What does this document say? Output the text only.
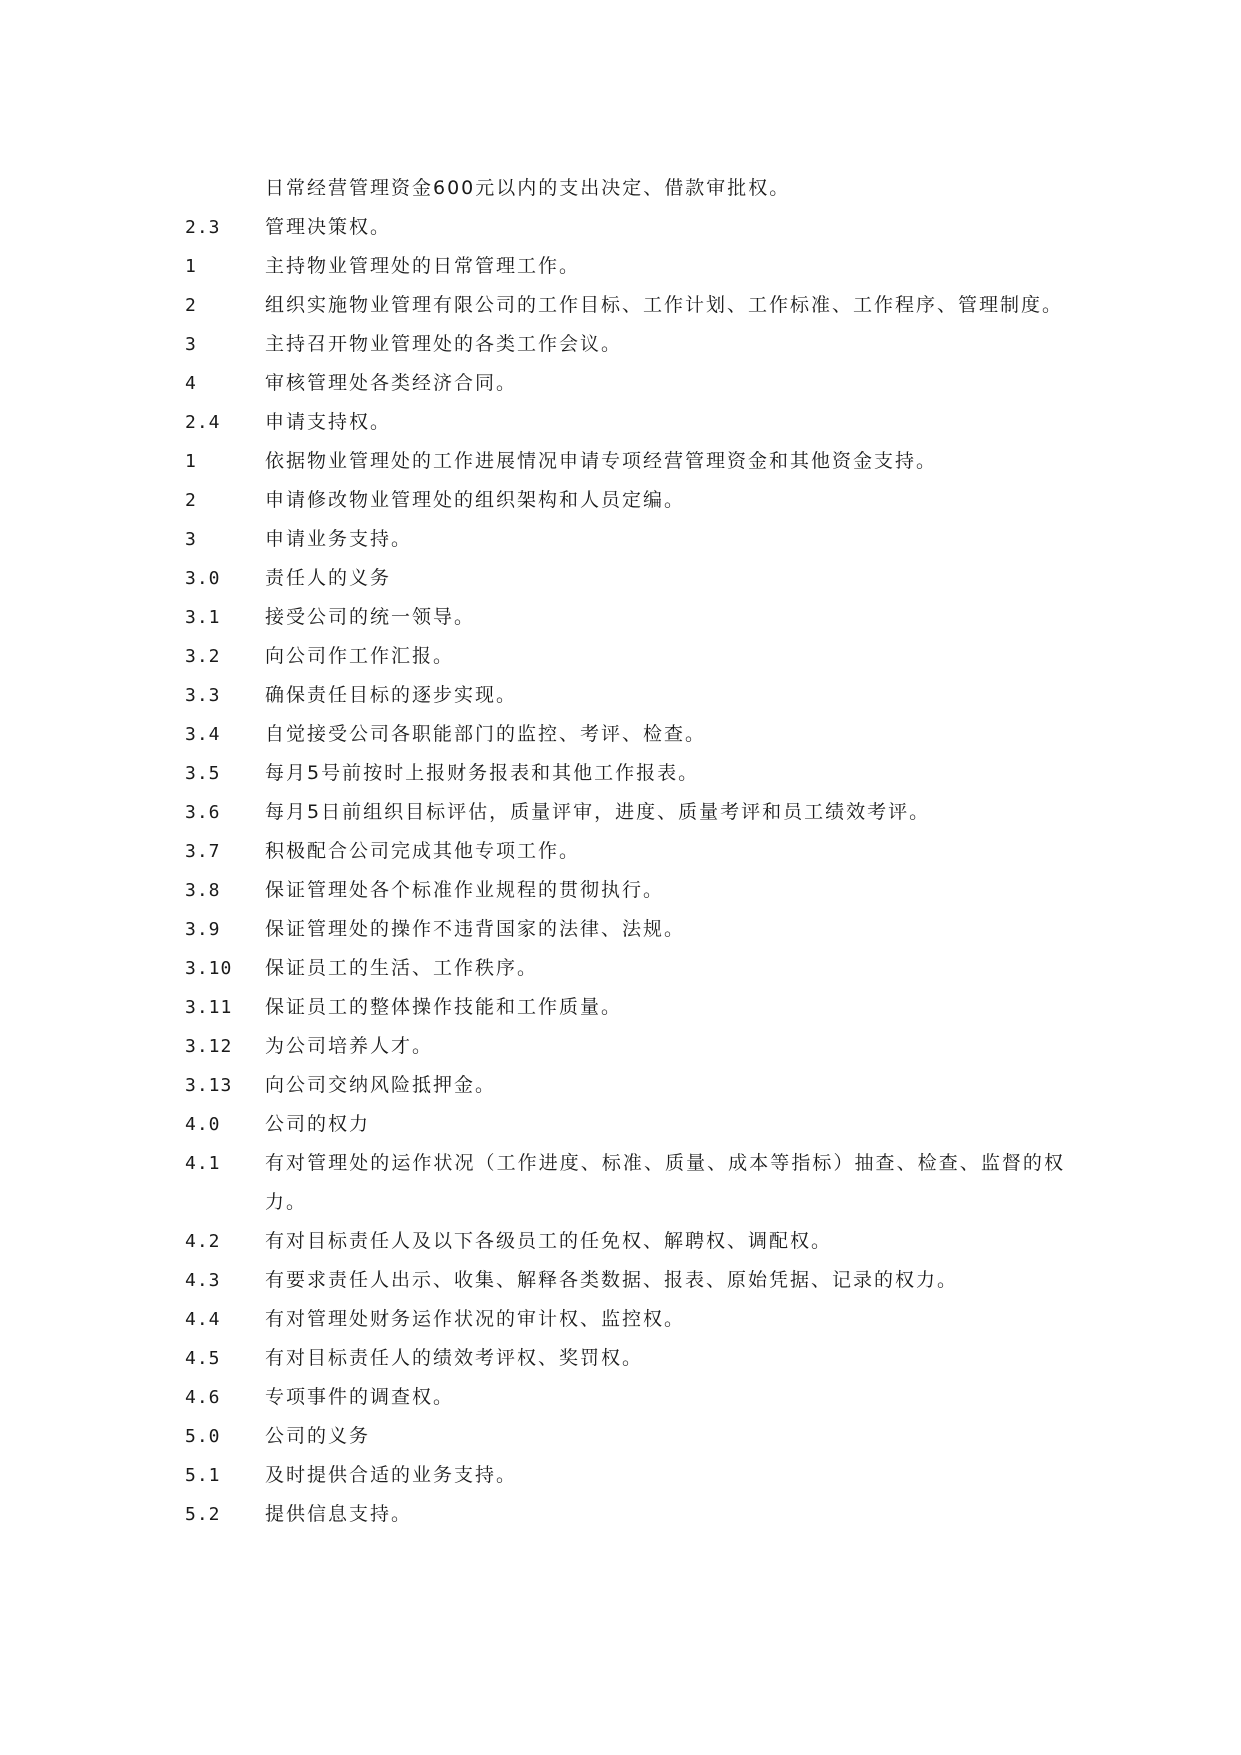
日常经营管理资金600元以内的支出决定、借款审批权。
2.3	管理决策权。
1	主持物业管理处的日常管理工作。
2	组织实施物业管理有限公司的工作目标、工作计划、工作标准、工作程序、管理制度。
3	主持召开物业管理处的各类工作会议。
4	审核管理处各类经济合同。
2.4	申请支持权。
1	依据物业管理处的工作进展情况申请专项经营管理资金和其他资金支持。
2	申请修改物业管理处的组织架构和人员定编。
3	申请业务支持。
3.0	责任人的义务
3.1	接受公司的统一领导。
3.2	向公司作工作汇报。
3.3	确保责任目标的逐步实现。
3.4	自觉接受公司各职能部门的监控、考评、检查。
3.5	每月5号前按时上报财务报表和其他工作报表。
3.6	每月5日前组织目标评估，质量评审，进度、质量考评和员工绩效考评。
3.7	积极配合公司完成其他专项工作。
3.8	保证管理处各个标准作业规程的贯彻执行。
3.9	保证管理处的操作不违背国家的法律、法规。
3.10	保证员工的生活、工作秩序。
3.11	保证员工的整体操作技能和工作质量。
3.12	为公司培养人才。
3.13	向公司交纳风险抵押金。
4.0	公司的权力
4.1	有对管理处的运作状况（工作进度、标准、质量、成本等指标）抽查、检查、监督的权力。
4.2	有对目标责任人及以下各级员工的任免权、解聘权、调配权。
4.3	有要求责任人出示、收集、解释各类数据、报表、原始凭据、记录的权力。
4.4	有对管理处财务运作状况的审计权、监控权。
4.5	有对目标责任人的绩效考评权、奖罚权。
4.6	专项事件的调查权。
5.0	公司的义务
5.1	及时提供合适的业务支持。
5.2	提供信息支持。
